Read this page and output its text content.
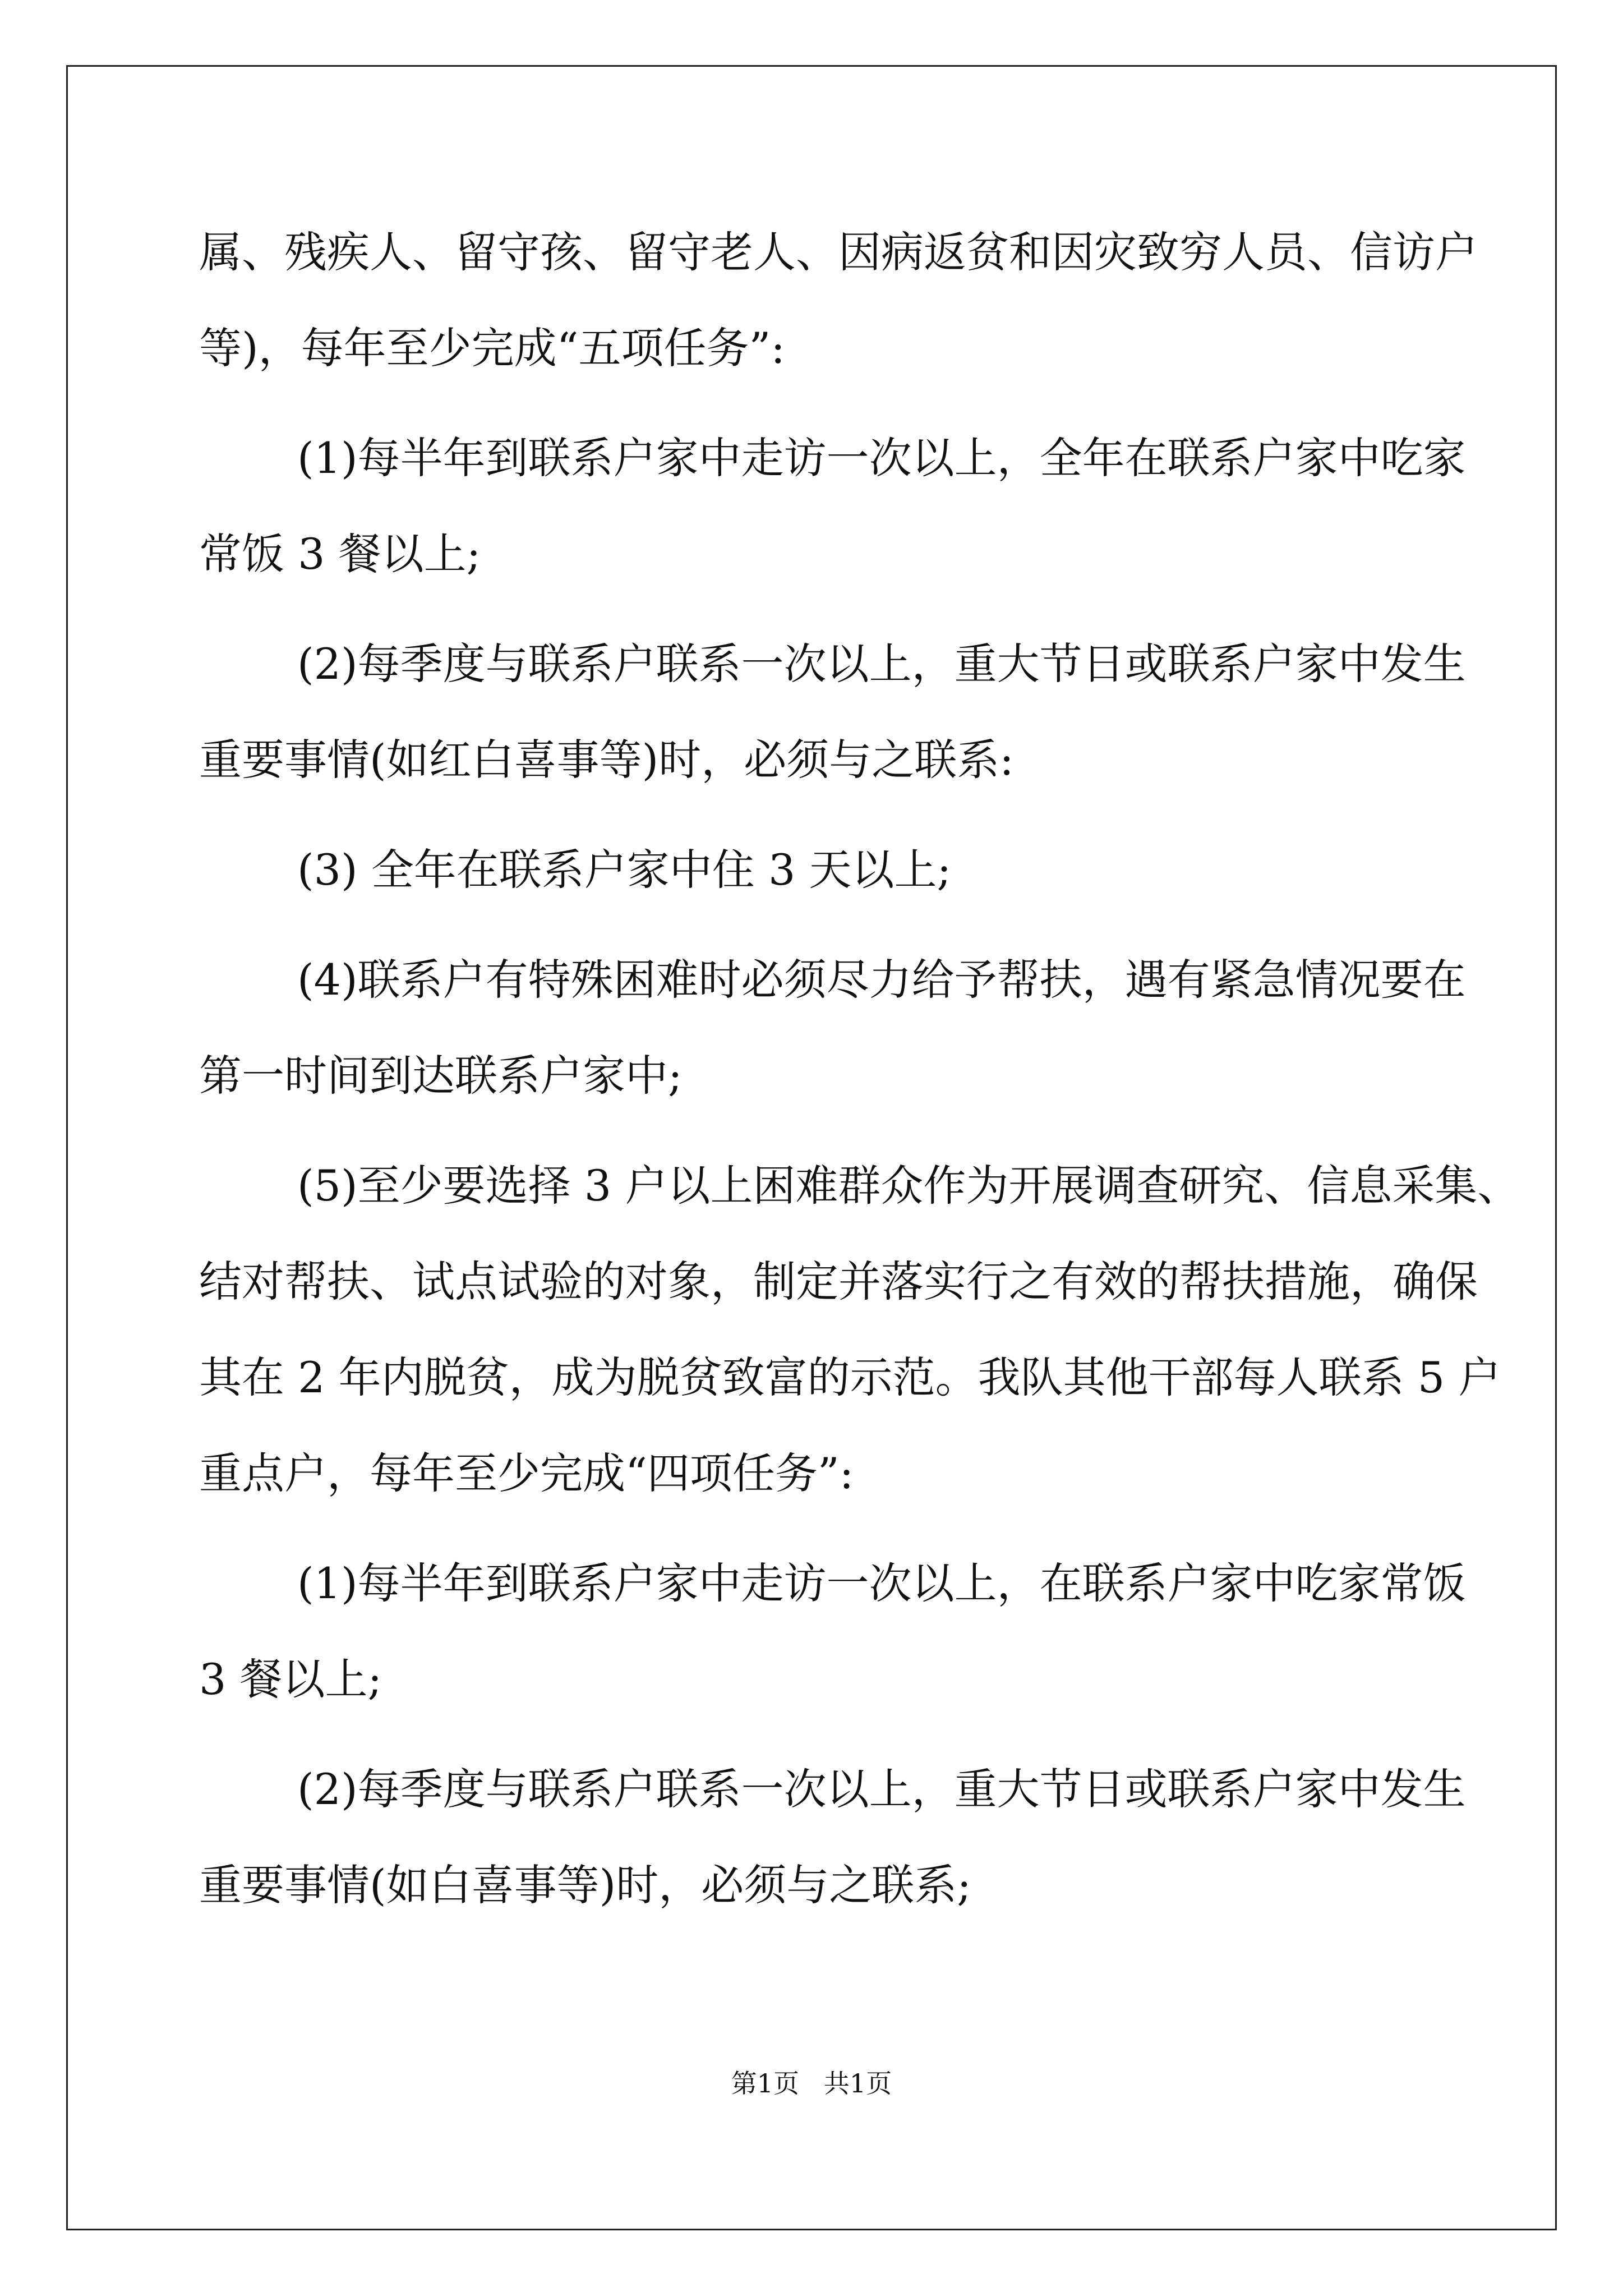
属、残疾人、留守孩、留守老人、因病返贫和因灾致穷人员、信访户
等)，每年至少完成“五项任务”:
(1)每半年到联系户家中走访一次以上，全年在联系户家中吃家
常饭 3 餐以上;
(2)每季度与联系户联系一次以上，重大节日或联系户家中发生
重要事情(如红白喜事等)时，必须与之联系:
(3) 全年在联系户家中住 3 天以上;
(4)联系户有特殊困难时必须尽力给予帮扶，遇有紧急情况要在
第一时间到达联系户家中;
(5)至少要选择 3 户以上困难群众作为开展调查研究、信息采集、
结对帮扶、试点试验的对象，制定并落实行之有效的帮扶措施，确保
其在 2 年内脱贫，成为脱贫致富的示范。我队其他干部每人联系 5 户
重点户，每年至少完成“四项任务”:
(1)每半年到联系户家中走访一次以上，在联系户家中吃家常饭
3 餐以上;
(2)每季度与联系户联系一次以上，重大节日或联系户家中发生
重要事情(如白喜事等)时，必须与之联系;
第1页   共1页
